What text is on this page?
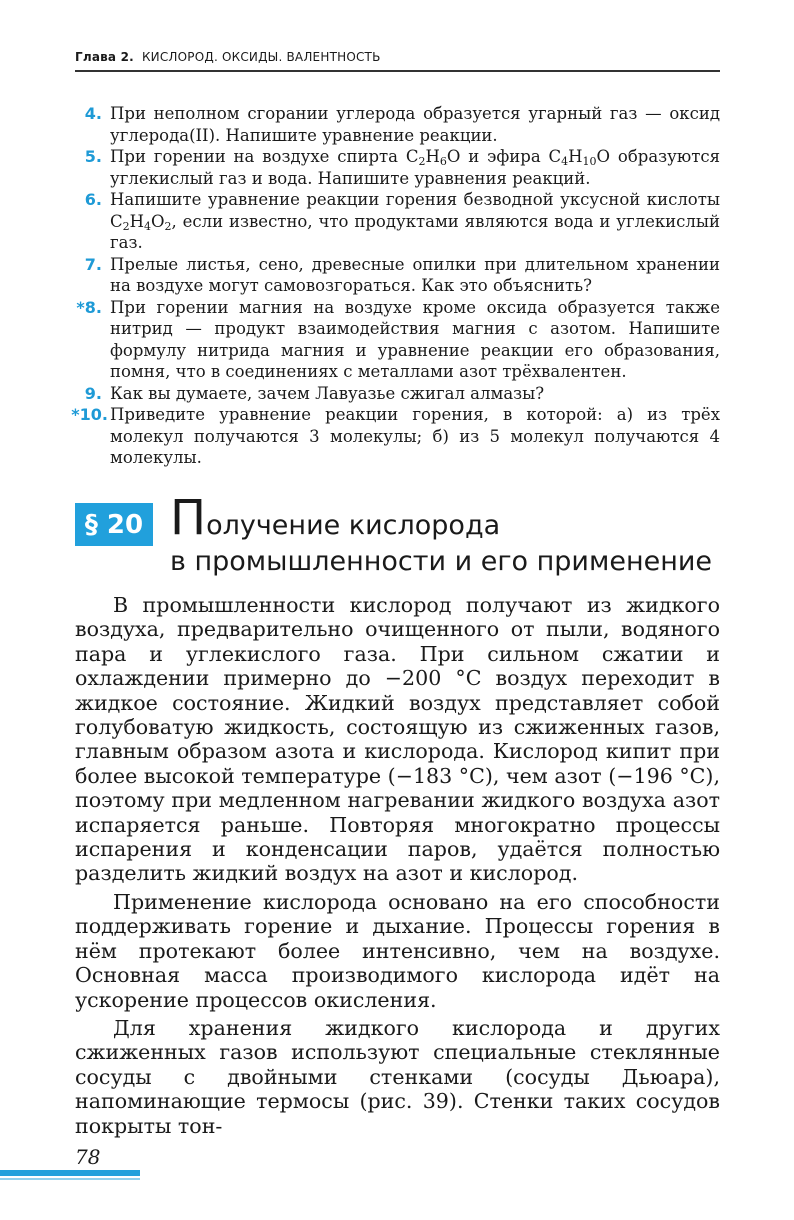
Глава 2. КИСЛОРОД. ОКСИДЫ. ВАЛЕНТНОСТЬ
4. При неполном сгорании углерода образуется угарный газ — оксид углерода(II). Напишите уравнение реакции.
5. При горении на воздухе спирта $C_2H_6O$ и эфира $C_4H_{10}O$ образуются углекислый газ и вода. Напишите уравнения реакций.
6. Напишите уравнение реакции горения безводной уксусной кислоты $C_2H_4O_2$, если известно, что продуктами являются вода и углекислый газ.
7. Прелые листья, сено, древесные опилки при длительном хранении на воздухе могут самовозгораться. Как это объяснить?
*8. При горении магния на воздухе кроме оксида образуется также нитрид — продукт взаимодействия магния с азотом. Напишите формулу нитрида магния и уравнение реакции его образования, помня, что в соединениях с металлами азот трёхвалентен.
9. Как вы думаете, зачем Лавуазье сжигал алмазы?
*10. Приведите уравнение реакции горения, в которой: а) из трёх молекул получаются 3 молекулы; б) из 5 молекул получаются 4 молекулы.
§ 20 Получение кислорода
в промышленности и его применение

В промышленности кислород получают из жидкого воздуха, предварительно очищенного от пыли, водяного пара и углекислого газа. При сильном сжатии и охлаждении примерно до −200 °С воздух переходит в жидкое состояние. Жидкий воздух представляет собой голубоватую жидкость, состоящую из сжиженных газов, главным образом азота и кислорода. Кислород кипит при более высокой температуре (−183 °С), чем азот (−196 °С), поэтому при медленном нагревании жидкого воздуха азот испаряется раньше. Повторяя многократно процессы испарения и конденсации паров, удаётся полностью разделить жидкий воздух на азот и кислород.

Применение кислорода основано на его способности поддерживать горение и дыхание. Процессы горения в нём протекают более интенсивно, чем на воздухе. Основная масса производимого кислорода идёт на ускорение процессов окисления.

Для хранения жидкого кислорода и других сжиженных газов используют специальные стеклянные сосуды с двойными стенками (сосуды Дьюара), напоминающие термосы (рис. 39). Стенки таких сосудов покрыты тон-

78
